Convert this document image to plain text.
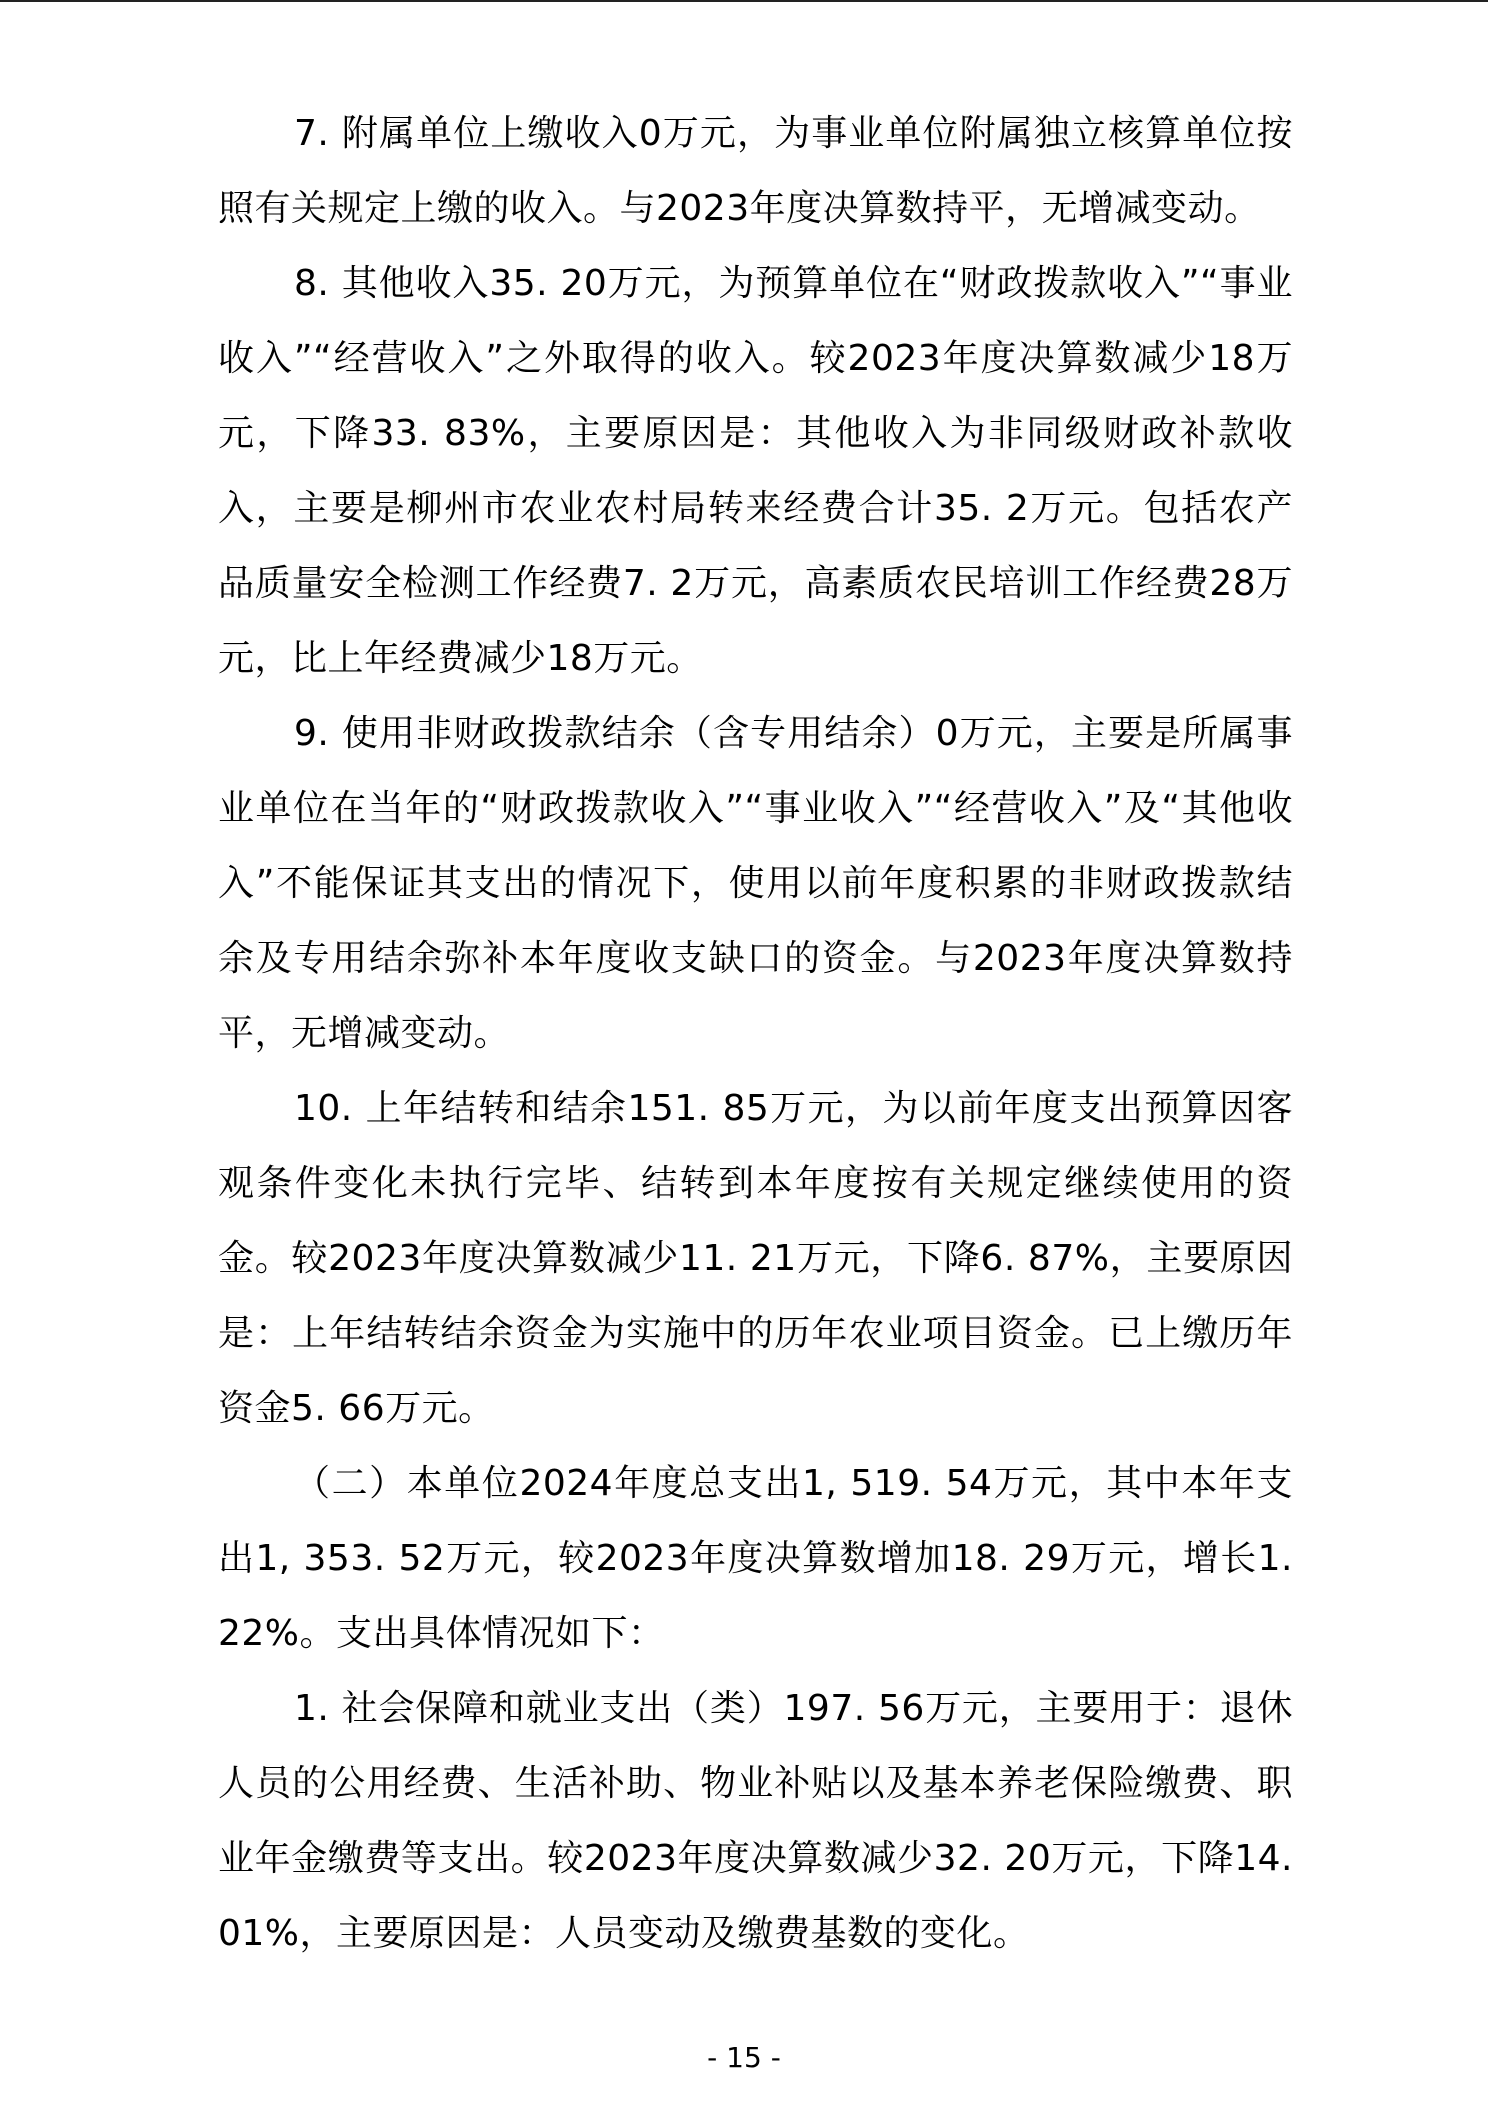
7. 附属单位上缴收入0万元，为事业单位附属独立核算单位按照有关规定上缴的收入。与2023年度决算数持平，无增减变动。

8. 其他收入35. 20万元，为预算单位在“财政拨款收入”“事业收入”“经营收入”之外取得的收入。较2023年度决算数减少18万元，下降33. 83%，主要原因是：其他收入为非同级财政补款收入，主要是柳州市农业农村局转来经费合计35. 2万元。包括农产品质量安全检测工作经费7. 2万元，高素质农民培训工作经费28万元，比上年经费减少18万元。

9. 使用非财政拨款结余（含专用结余）0万元，主要是所属事业单位在当年的“财政拨款收入”“事业收入”“经营收入”及“其他收入”不能保证其支出的情况下，使用以前年度积累的非财政拨款结余及专用结余弥补本年度收支缺口的资金。与2023年度决算数持平，无增减变动。

10. 上年结转和结余151. 85万元，为以前年度支出预算因客观条件变化未执行完毕、结转到本年度按有关规定继续使用的资金。较2023年度决算数减少11. 21万元，下降6. 87%，主要原因是：上年结转结余资金为实施中的历年农业项目资金。已上缴历年资金5. 66万元。

（二）本单位2024年度总支出1, 519. 54万元，其中本年支出1, 353. 52万元，较2023年度决算数增加18. 29万元，增长1. 22%。支出具体情况如下：

1. 社会保障和就业支出（类）197. 56万元，主要用于：退休人员的公用经费、生活补助、物业补贴以及基本养老保险缴费、职业年金缴费等支出。较2023年度决算数减少32. 20万元，下降14. 01%，主要原因是：人员变动及缴费基数的变化。

- 15 -
